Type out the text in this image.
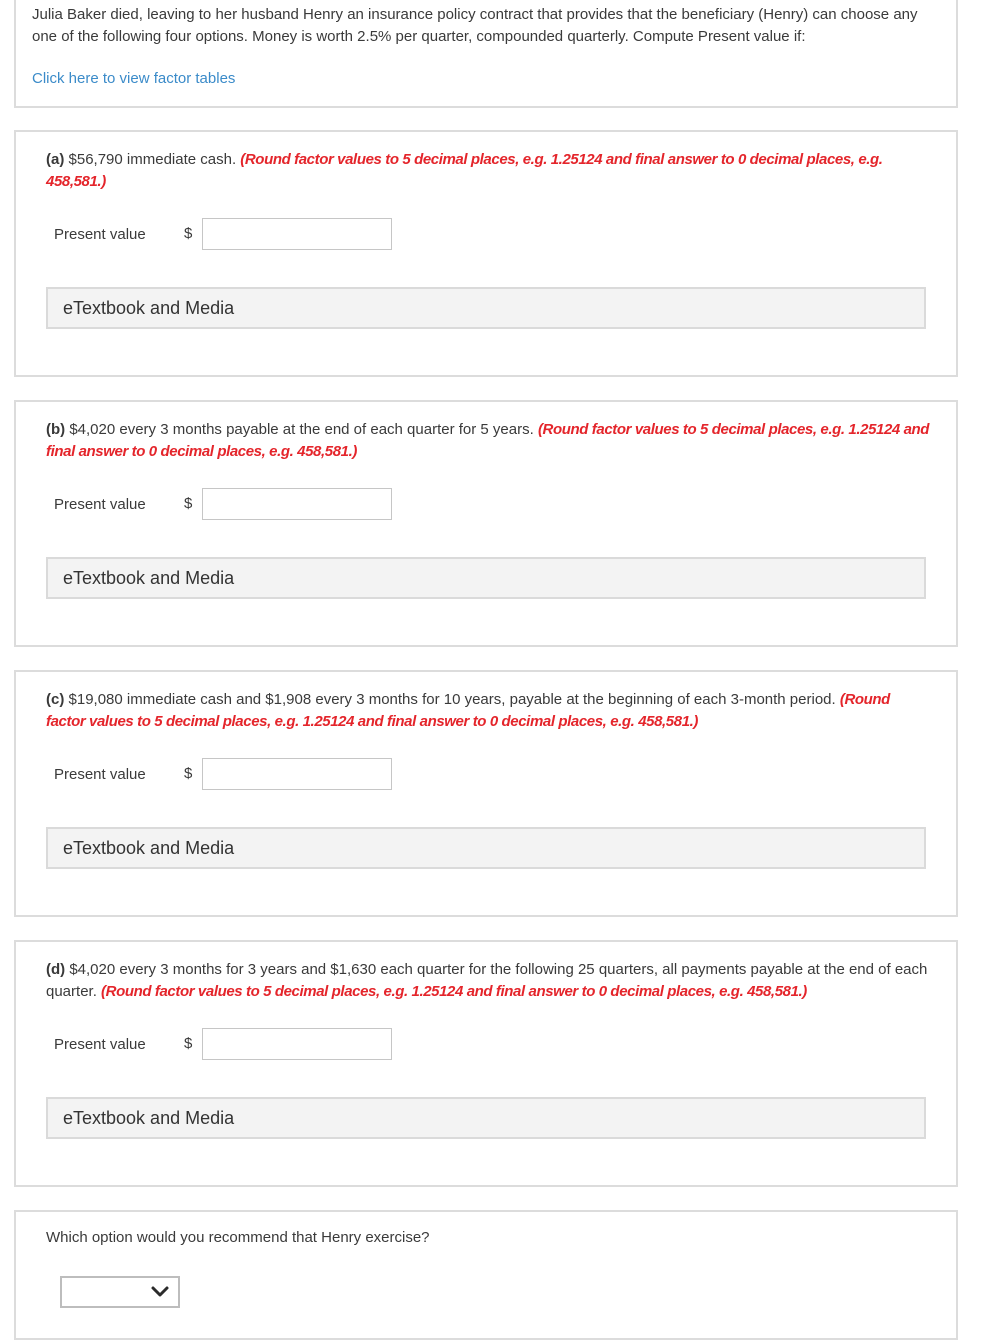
Julia Baker died, leaving to her husband Henry an insurance policy contract that provides that the beneficiary (Henry) can choose any one of the following four options. Money is worth 2.5% per quarter, compounded quarterly. Compute Present value if:
Click here to view factor tables
(a) $56,790 immediate cash. (Round factor values to 5 decimal places, e.g. 1.25124 and final answer to 0 decimal places, e.g. 458,581.)
Present value	$
eTextbook and Media
(b) $4,020 every 3 months payable at the end of each quarter for 5 years. (Round factor values to 5 decimal places, e.g. 1.25124 and final answer to 0 decimal places, e.g. 458,581.)
Present value	$
eTextbook and Media
(c) $19,080 immediate cash and $1,908 every 3 months for 10 years, payable at the beginning of each 3-month period. (Round factor values to 5 decimal places, e.g. 1.25124 and final answer to 0 decimal places, e.g. 458,581.)
Present value	$
eTextbook and Media
(d) $4,020 every 3 months for 3 years and $1,630 each quarter for the following 25 quarters, all payments payable at the end of each quarter. (Round factor values to 5 decimal places, e.g. 1.25124 and final answer to 0 decimal places, e.g. 458,581.)
Present value	$
eTextbook and Media
Which option would you recommend that Henry exercise?
